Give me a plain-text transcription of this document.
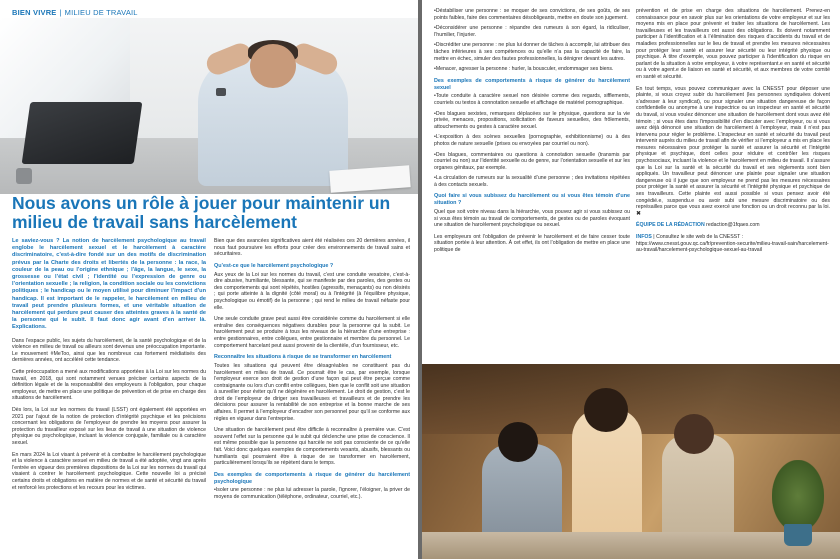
BIEN VIVRE | MILIEU DE TRAVAIL
Nous avons un rôle à jouer pour maintenir un milieu de travail sans harcèlement

Le saviez-vous ? La notion de harcèlement psychologique au travail englobe le harcèlement sexuel et le harcèlement à caractère discriminatoire, c’est-à-dire fondé sur un des motifs de discrimination prévus par la Charte des droits et libertés de la personne : la race, la couleur de la peau ou l’origine ethnique ; l’âge, la langue, le sexe, la grossesse ou l’état civil ; l’identité ou l’expression de genre ou l’orientation sexuelle ; la religion, la condition sociale ou les convictions politiques ; le handicap ou le moyen utilisé pour diminuer l’impact d’un handicap. Il est important de le rappeler, le harcèlement en milieu de travail peut prendre plusieurs formes, et une véritable situation de harcèlement qui perdure peut causer des atteintes graves à la santé de la personne qui le subit. Il faut donc agir avant d’en arriver là. Explications.

Dans l’espace public, les sujets du harcèlement, de la santé psychologique et de la violence en milieu de travail ou ailleurs sont devenus une préoccupation importante. Le mouvement #MeToo, ainsi que les nombreux cas fortement médiatisés des dernières années, ont accéléré cette tendance.

Cette préoccupation a mené aux modifications apportées à la Loi sur les normes du travail, en 2018, qui sont notamment venues préciser certains aspects de la définition légale et de la responsabilité des employeurs à l’obligation, pour chaque employeur, de mettre en place une politique de prévention et de prise en charge des situations de harcèlement.

Dès lors, la Loi sur les normes du travail (LSST) ont également été apportées en 2021 par l’ajout de la notion de protection d’intégrité psychique et les précisions concernant les obligations de l’employeur de prendre les moyens pour assurer la protection du travailleur exposé sur les lieux de travail à une situation de violence physique ou psychologique, incluant la violence conjugale, familiale ou à caractère sexuel.

En mars 2024 la Loi visant à prévenir et à combattre le harcèlement psychologique et la violence à caractère sexuel en milieu de travail a été adoptée, vingt ans après l’entrée en vigueur des premières dispositions de la Loi sur les normes du travail qui visaient à contrer le harcèlement psychologique. Cette nouvelle loi a précisé certains droits et obligations en matière de normes et de santé et sécurité du travail et renforcé les protections et les recours pour les victimes.

Bien que des avancées significatives aient été réalisées ces 20 dernières années, il nous faut poursuivre les efforts pour créer des environnements de travail sains et sécuritaires.

Qu’est-ce que le harcèlement psychologique ?

Aux yeux de la Loi sur les normes du travail, c’est une conduite vexatoire, c’est-à-dire abusive, humiliante, blessante, qui se manifeste par des paroles, des gestes ou des comportements qui sont répétés, hostiles (agressifs, menaçants) ou non désirés ; qui porte atteinte à la dignité (côté moral) ou à l’intégrité (à l’équilibre physique, psychologique ou émotif) de la personne ; qui rend le milieu de travail néfaste pour elle.

Une seule conduite grave peut aussi être considérée comme du harcèlement si elle entraîne des conséquences négatives durables pour la personne qui la subit. Le harcèlement peut se produire à tous les niveaux de la hiérarchie d’une entreprise : entre gestionnaires, entre collègues, entre gestionnaire et membre du personnel. Le comportement harcelant peut aussi provenir de la clientèle, d’un fournisseur, etc.

Reconnaître les situations à risque de se transformer en harcèlement

Toutes les situations qui peuvent être désagréables ne constituent pas du harcèlement en milieu de travail. Ce pourrait être le cas, par exemple, lorsque l’employeur exerce son droit de gestion d’une façon qui peut être perçue comme contraignante ou lors d’un conflit entre collègues, bien que le conflit soit une situation à surveiller pour éviter qu’il ne dégénère en harcèlement. Le droit de gestion, c’est le droit de l’employeur de diriger ses travailleuses et travailleurs et de prendre les décisions pour assurer la rentabilité de son entreprise et la bonne marche de ses affaires. Il permet à l’employeur d’encadrer son personnel pour qu’il se conforme aux règles en vigueur dans l’entreprise.

Une situation de harcèlement peut être difficile à reconnaître à première vue. C’est souvent l’effet sur la personne qui le subit qui déclenche une prise de conscience. Il est même possible que la personne qui harcèle ne soit pas consciente de ce qu’elle fait. Voici donc quelques exemples de comportements vexants, abusifs, blessants ou humiliants qui pourraient être à risque de se transformer en harcèlement, particulièrement lorsqu’ils se répètent dans le temps.

Des exemples de comportements à risque de générer du harcèlement psychologique
• Isoler une personne : ne plus lui adresser la parole, l’ignorer, l’éloigner, la priver de moyens de communication (téléphone, ordinateur, courriel, etc.).
• Déstabiliser une personne : se moquer de ses convictions, de ses goûts, de ses points faibles, faire des commentaires désobligeants, mettre en doute son jugement.
• Déconsidérer une personne : répandre des rumeurs à son égard, la ridiculiser, l’humilier, l’injurier.
• Discréditer une personne : ne plus lui donner de tâches à accomplir, lui attribuer des tâches inférieures à ses compétences ou qu’elle n’a pas la capacité de faire, la mettre en échec, simuler des fautes professionnelles, la dénigrer devant les autres.
• Menacer, agresser la personne : hurler, la bousculer, endommager ses biens.
Des exemples de comportements à risque de générer du harcèlement sexuel
• Toute conduite à caractère sexuel non désirée comme des regards, sifflements, courriels ou textos à connotation sexuelle et affichage de matériel pornographique.
• Des blagues sexistes, remarques déplacées sur le physique, questions sur la vie privée, menaces, propositions, sollicitation de faveurs sexuelles, des frôlements, attouchements ou gestes à caractère sexuel.
• L’exposition à des scènes sexuelles (pornographie, exhibitionnisme) ou à des photos de nature sexuelle (prises ou envoyées par courriel ou non).
• Des blagues, commentaires ou questions à connotation sexuelle (transmis par courriel ou non) sur l’identité sexuelle ou de genre, sur l’orientation sexuelle et sur les organes génitaux, par exemple.
• La circulation de rumeurs sur la sexualité d’une personne ; des invitations répétées à des contacts sexuels.
Quoi faire si vous subissez du harcèlement ou si vous êtes témoin d’une situation ?

Quel que soit votre niveau dans la hiérarchie, vous pouvez agir si vous subissez ou si vous êtes témoin au travail de comportements, de gestes ou de paroles évoquant une situation de harcèlement psychologique ou sexuel.

Les employeurs ont l’obligation de prévenir le harcèlement et de faire cesser toute situation portée à leur attention. À cet effet, ils ont l’obligation de mettre en place une politique de

prévention et de prise en charge des situations de harcèlement. Prenez-en connaissance pour en savoir plus sur les orientations de votre employeur et sur les moyens mis en place pour prévenir et traiter les situations de harcèlement. Les travailleuses et les travailleurs ont aussi des obligations. Ils doivent notamment participer à l’identification et à l’élimination des risques d’accidents du travail et de maladies professionnelles sur le lieu de travail et prendre les mesures nécessaires pour protéger leur santé et assurer leur sécurité ou leur intégrité physique ou psychique. À titre d’exemple, vous pouvez participer à l’identification du risque en parlant de la situation à votre employeur, à votre représentant.e en santé et sécurité ou à votre agent.e de liaison en santé et sécurité, et aux membres de votre comité en santé et sécurité.

En tout temps, vous pouvez communiquer avec la CNESST pour déposer une plainte, si vous croyez subir du harcèlement (les personnes syndiquées doivent s’adresser à leur syndicat), ou pour signaler une situation dangereuse de façon confidentielle ou anonyme à une inspectrice ou un inspecteur en santé et sécurité du travail, si vous voulez dénoncer une situation de harcèlement dont vous avez été témoin ; si vous êtes dans l’impossibilité d’en discuter avec l’employeur, ou si vous avez déjà dénoncé une situation de harcèlement à l’employeur, mais il n’est pas intervenu pour régler le problème. L’inspecteur en santé et sécurité du travail peut intervenir auprès du milieu de travail afin de vérifier si l’employeur a mis en place les mesures nécessaires pour protéger la santé et assurer la sécurité et l’intégrité physique et psychique, dont celles pour réduire et contrôler les risques psychosociaux, incluant la violence et le harcèlement en milieu de travail. Il s’assure que la Loi sur la santé et la sécurité du travail et ses règlements sont bien appliqués. Un travailleur peut dénoncer une plainte pour signaler une situation dangereuse où il juge que son employeur ne prend pas les mesures nécessaires pour protéger la santé et assurer la sécurité et l’intégrité physique et psychique de ses travailleurs. Cette plainte est aussi possible si vous pensez avoir été congédié.e, suspendu.e ou avoir subi une mesure discriminatoire ou des représailles parce que vous avez exercé une fonction ou un droit reconnu par la loi. ✖

ÉQUIPE DE LA RÉDACTION redaction@1fqaes.com

INFOS | Consultez le site web de la CNESST :
https://www.cnesst.gouv.qc.ca/fr/prevention-securite/milieu-travail-sain/harcelement-au-travail/harcelement-psychologique-sexuel-au-travail
